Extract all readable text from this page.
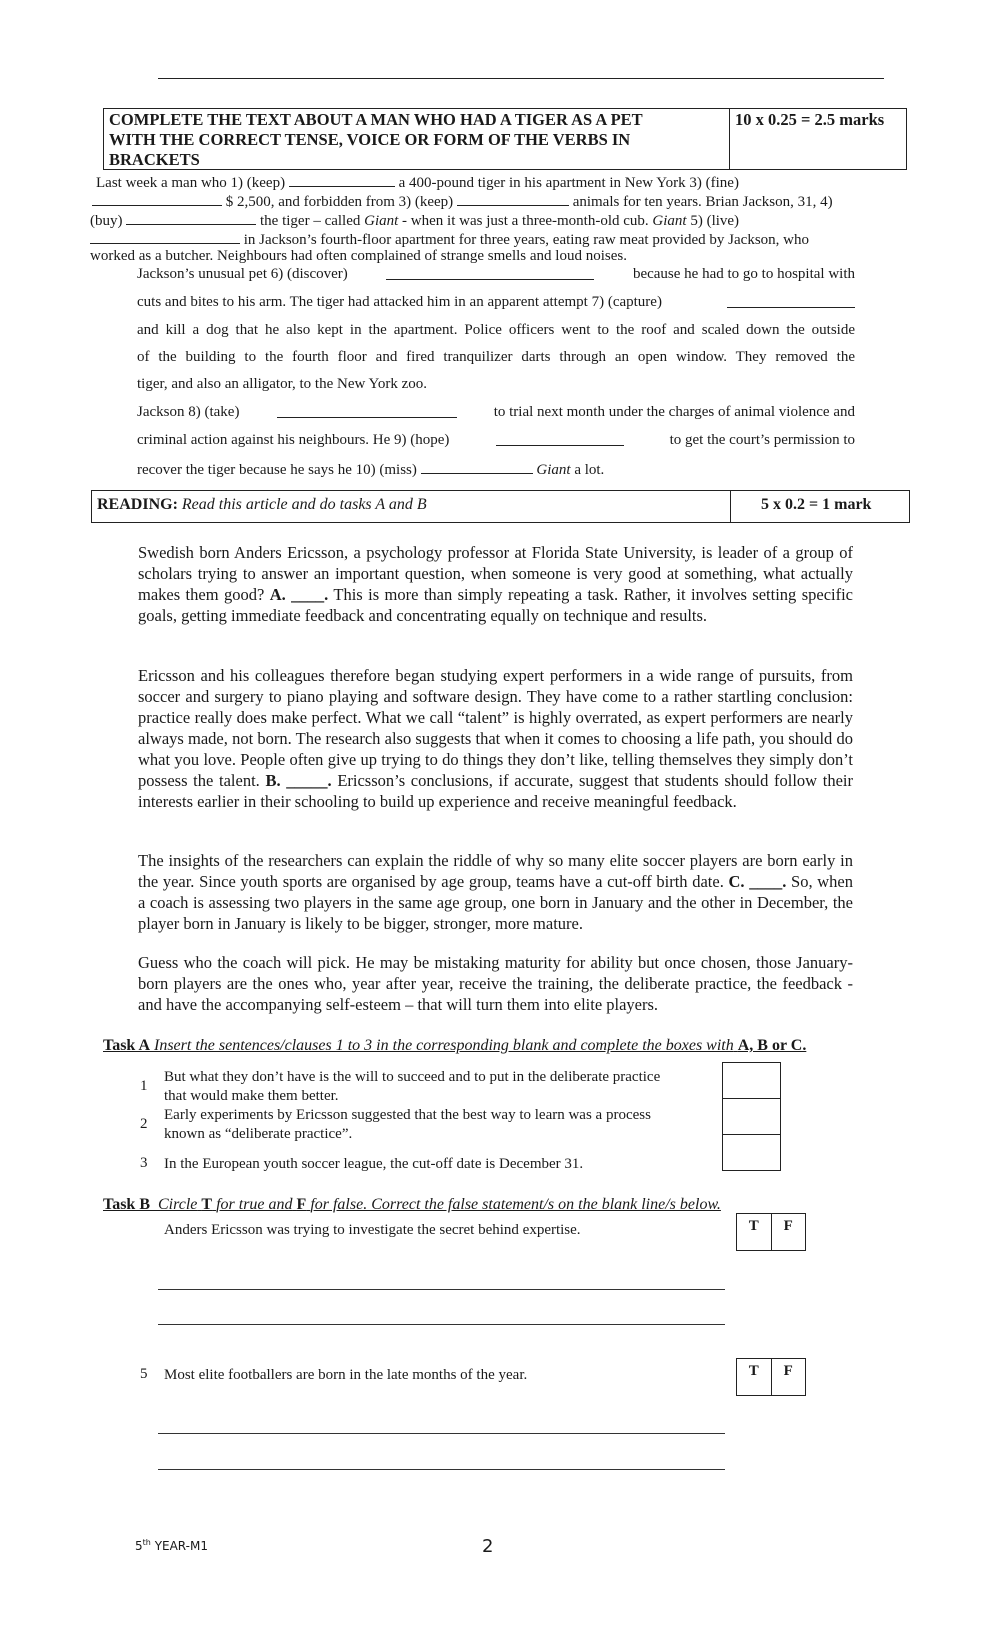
COMPLETE THE TEXT ABOUT A MAN WHO HAD A TIGER AS A PET
WITH THE CORRECT TENSE, VOICE OR FORM OF THE VERBS IN
BRACKETS
10 x 0.25 = 2.5 marks
Last week a man who 1) (keep)	a 400-pound tiger in his apartment in New York 3) (fine)
$ 2,500, and forbidden from 3) (keep)	animals for ten years. Brian Jackson, 31, 4)
(buy)	the tiger – called Giant - when it was just a three-month-old cub. Giant 5) (live)
in Jackson’s fourth-floor apartment for three years, eating raw meat provided by Jackson, who
worked as a butcher. Neighbours had often complained of strange smells and loud noises.
Jackson’s unusual pet 6) (discover)	because he had to go to hospital with
cuts and bites to his arm. The tiger had attacked him in an apparent attempt 7) (capture)
and kill a dog that he also kept in the apartment. Police officers went to the roof and scaled down the outside
of the building to the fourth floor and fired tranquilizer darts through an open window. They removed the
tiger, and also an alligator, to the New York zoo.
Jackson 8) (take)	to trial next month under the charges of animal violence and
criminal action against his neighbours. He 9) (hope)	to get the court’s permission to
recover the tiger because he says he 10) (miss)	Giant a lot.
READING: Read this article and do tasks A and B	5 x 0.2 = 1 mark
Swedish born Anders Ericsson, a psychology professor at Florida State University, is leader of a group of scholars trying to answer an important question, when someone is very good at something, what actually makes them good? A. ____. This is more than simply repeating a task. Rather, it involves setting specific goals, getting immediate feedback and concentrating equally on technique and results.
Ericsson and his colleagues therefore began studying expert performers in a wide range of pursuits, from soccer and surgery to piano playing and software design. They have come to a rather startling conclusion: practice really does make perfect. What we call “talent” is highly overrated, as expert performers are nearly always made, not born. The research also suggests that when it comes to choosing a life path, you should do what you love. People often give up trying to do things they don’t like, telling themselves they simply don’t possess the talent. B. _____. Ericsson’s conclusions, if accurate, suggest that students should follow their interests earlier in their schooling to build up experience and receive meaningful feedback.
The insights of the researchers can explain the riddle of why so many elite soccer players are born early in the year. Since youth sports are organised by age group, teams have a cut-off birth date. C. ____. So, when a coach is assessing two players in the same age group, one born in January and the other in December, the player born in January is likely to be bigger, stronger, more mature.
Guess who the coach will pick. He may be mistaking maturity for ability but once chosen, those January-born players are the ones who, year after year, receive the training, the deliberate practice, the feedback - and have the accompanying self-esteem – that will turn them into elite players.
Task A Insert the sentences/clauses 1 to 3 in the corresponding blank and complete the boxes with A, B or C.
1
But what they don’t have is the will to succeed and to put in the deliberate practice
that would make them better.
2
Early experiments by Ericsson suggested that the best way to learn was a process
known as “deliberate practice”.
3 In the European youth soccer league, the cut-off date is December 31.
Task B Circle T for true and F for false. Correct the false statement/s on the blank line/s below.
Anders Ericsson was trying to investigate the secret behind expertise.	T	F
5 Most elite footballers are born in the late months of the year.	T	F
5th YEAR-M1	2
